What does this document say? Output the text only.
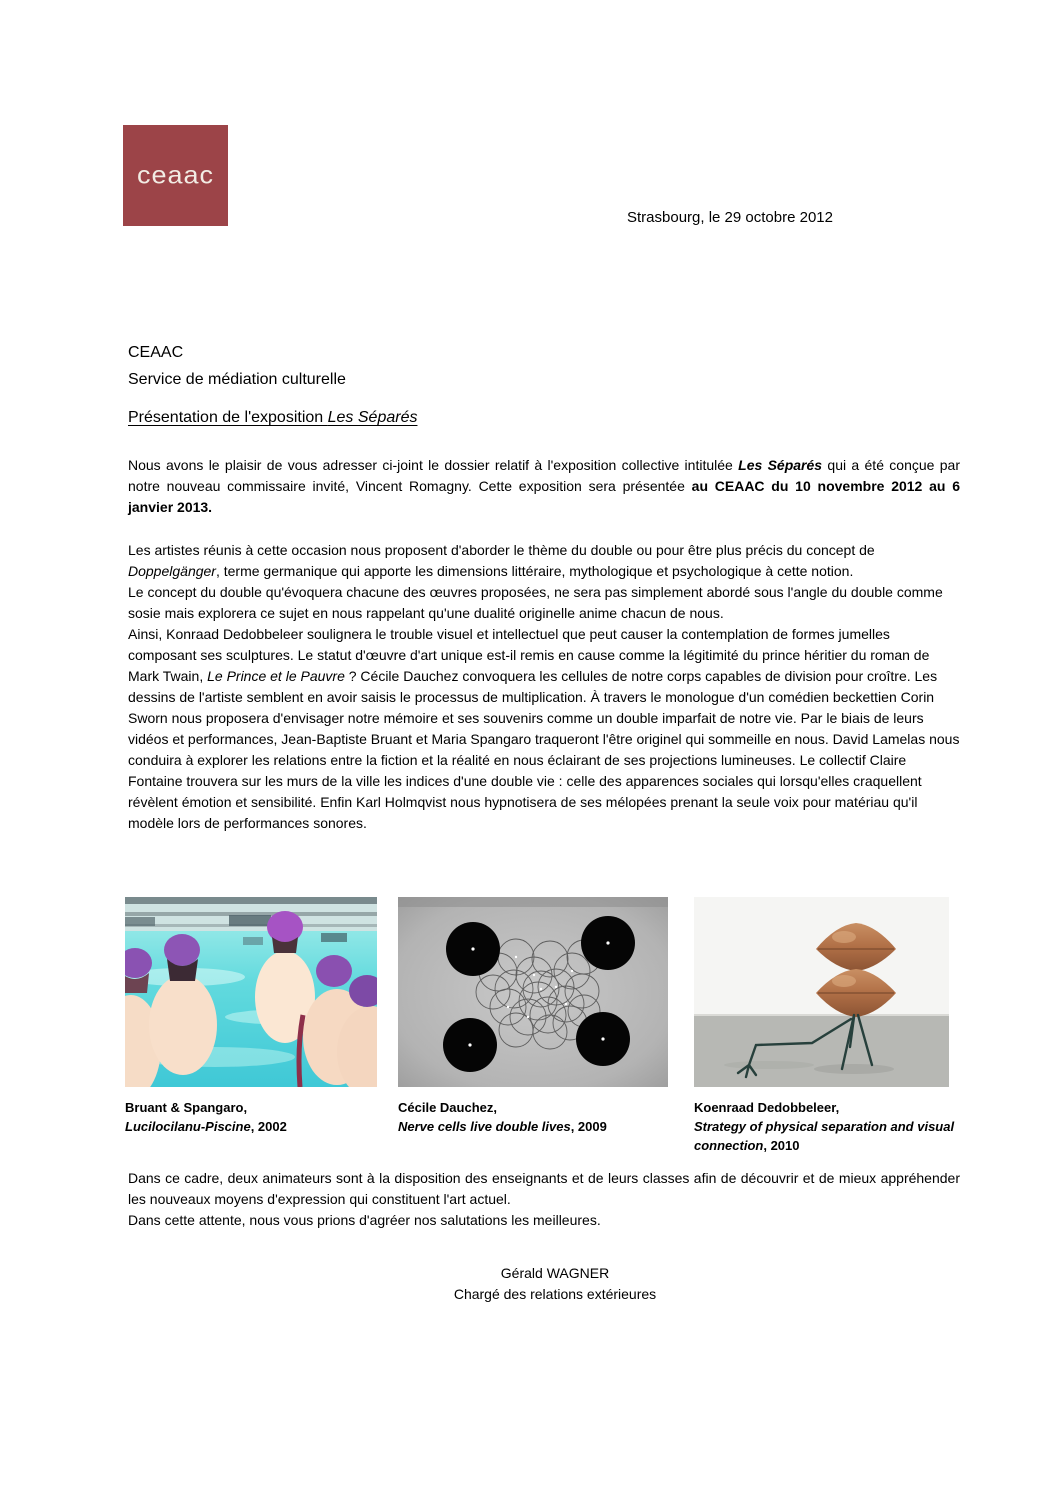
ceaac
Strasbourg, le 29 octobre 2012
CEAAC
Service de médiation culturelle
Présentation de l'exposition Les Séparés

Nous avons le plaisir de vous adresser ci-joint le dossier relatif à l'exposition collective intitulée Les Séparés qui a été conçue par notre nouveau commissaire invité, Vincent Romagny. Cette exposition sera présentée au CEAAC du 10 novembre 2012 au 6 janvier 2013.

Les artistes réunis à cette occasion nous proposent d'aborder le thème du double ou pour être plus précis du concept de Doppelgänger, terme germanique qui apporte les dimensions littéraire, mythologique et psychologique à cette notion.

Le concept du double qu'évoquera chacune des œuvres proposées, ne sera pas simplement abordé sous l'angle du double comme sosie mais explorera ce sujet en nous rappelant qu'une dualité originelle anime chacun de nous.

Ainsi, Konraad Dedobbeleer soulignera le trouble visuel et intellectuel que peut causer la contemplation de formes jumelles composant ses sculptures. Le statut d'œuvre d'art unique est-il remis en cause comme la légitimité du prince héritier du roman de Mark Twain, Le Prince et le Pauvre ? Cécile Dauchez convoquera les cellules de notre corps capables de division pour croître. Les dessins de l'artiste semblent en avoir saisis le processus de multiplication. À travers le monologue d'un comédien beckettien Corin Sworn nous proposera d'envisager notre mémoire et ses souvenirs comme un double imparfait de notre vie. Par le biais de leurs vidéos et performances, Jean-Baptiste Bruant et Maria Spangaro traqueront l'être originel qui sommeille en nous. David Lamelas nous conduira à explorer les relations entre la fiction et la réalité en nous éclairant de ses projections lumineuses. Le collectif Claire Fontaine trouvera sur les murs de la ville les indices d'une double vie : celle des apparences sociales qui lorsqu'elles craquellent révèlent émotion et sensibilité. Enfin Karl Holmqvist nous hypnotisera de ses mélopées prenant la seule voix pour matériau qu'il modèle lors de performances sonores.

Bruant & Spangaro,
Lucilocilanu-Piscine, 2002
Cécile Dauchez,
Nerve cells live double lives, 2009
Koenraad Dedobbeleer,
Strategy of physical separation and visual connection, 2010

Dans ce cadre, deux animateurs sont à la disposition des enseignants et de leurs classes afin de découvrir et de mieux appréhender les nouveaux moyens d'expression qui constituent l'art actuel.

Dans cette attente, nous vous prions d'agréer nos salutations les meilleures.

Gérald WAGNER
Chargé des relations extérieures
